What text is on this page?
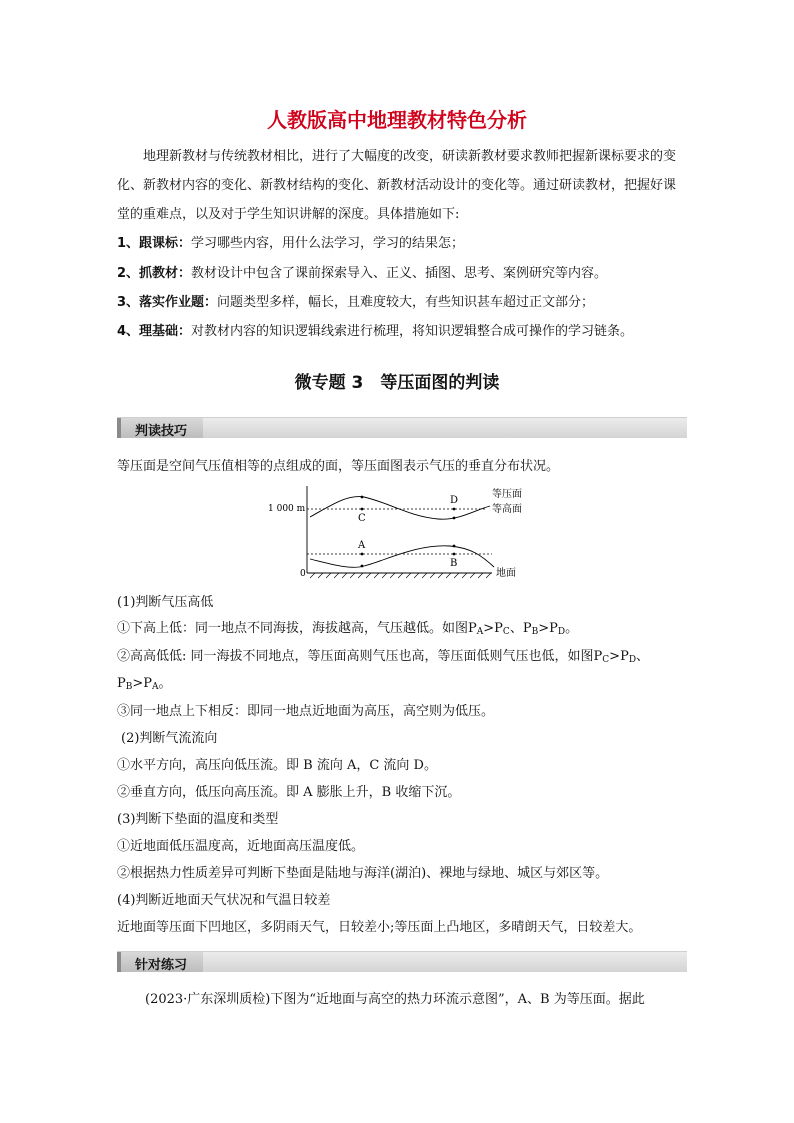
人教版高中地理教材特色分析

地理新教材与传统教材相比，进行了大幅度的改变，研读新教材要求教师把握新课标要求的变化、新教材内容的变化、新教材结构的变化、新教材活动设计的变化等。通过研读教材，把握好课堂的重难点，以及对于学生知识讲解的深度。具体措施如下:

1、跟课标：学习哪些内容，用什么法学习，学习的结果怎；

2、抓教材：教材设计中包含了课前探索导入、正义、插图、思考、案例研究等内容。

3、落实作业题：问题类型多样，幅长，且难度较大，有些知识甚车超过正文部分；

4、理基础：对教材内容的知识逻辑线索进行梳理，将知识逻辑整合成可操作的学习链条。

微专题 3　等压面图的判读
判读技巧

等压面是空间气压值相等的点组成的面，等压面图表示气压的垂直分布状况。

1 000 m
0
C
D
A
B
等压面
等高面
地面

(1)判断气压高低

①下高上低：同一地点不同海拔，海拔越高，气压越低。如图$P_A>P_C$、$P_B>P_D$。

②高高低低: 同一海拔不同地点，等压面高则气压也高，等压面低则气压也低，如图$P_C>P_D$、

$P_B>P_A$。

③同一地点上下相反：即同一地点近地面为高压，高空则为低压。

(2)判断气流流向

①水平方向，高压向低压流。即 B 流向 A，C 流向 D。

②垂直方向，低压向高压流。即 A 膨胀上升，B 收缩下沉。

(3)判断下垫面的温度和类型

①近地面低压温度高，近地面高压温度低。

②根据热力性质差异可判断下垫面是陆地与海洋(湖泊)、裸地与绿地、城区与郊区等。

(4)判断近地面天气状况和气温日较差

近地面等压面下凹地区，多阴雨天气，日较差小;等压面上凸地区，多晴朗天气，日较差大。

针对练习

(2023·广东深圳质检)下图为“近地面与高空的热力环流示意图”，A、B 为等压面。据此
